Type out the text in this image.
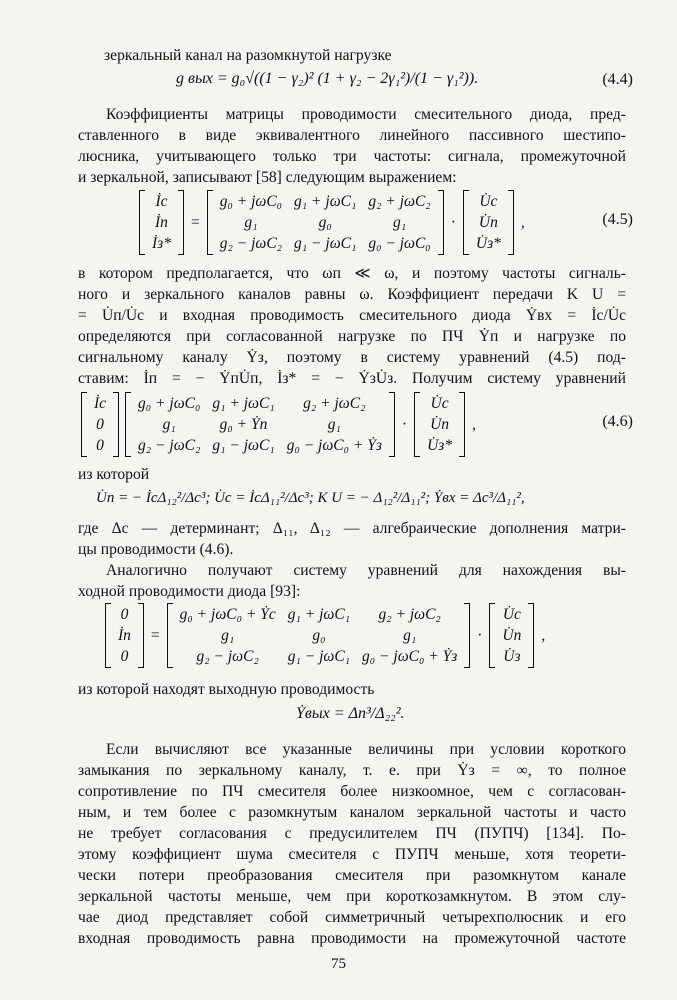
зеркальный канал на разомкнутой нагрузке
g вых = g₀√((1 − γ₂)² (1 + γ₂ − 2γ₁²)/(1 − γ₁²)).	(4.4)
Коэффициенты матрицы проводимости смесительного диода, пред-
ставленного в виде эквивалентного линейного пассивного шестипо-
люсника, учитывающего только три частоты: сигнала, промежуточной
и зеркальной, записывают [58] следующим выражением:
İс
İп
İз*
=
g₀ + jωC₀ g₁ + jωC₁ g₂ + jωC₂
g₁	g₀	g₁
g₂ − jωC₂ g₁ − jωC₁ g₀ − jωC₀
·
U̇с
U̇п
U̇з*
,	(4.5)
в котором предполагается, что ωп ≪ ω, и поэтому частоты сигналь-
ного и зеркального каналов равны ω. Коэффициент передачи K U =
= U̇п/U̇с и входная проводимость смесительного диода Ẏвх = İс/U̇с
определяются при согласованной нагрузке по ПЧ Ẏп и нагрузке по
сигнальному каналу Ẏз, поэтому в систему уравнений (4.5) под-
ставим: İп = − ẎпU̇п, İз* = − ẎзU̇з. Получим систему уравнений
İс
0
0
g₀ + jωC₀ g₁ + jωC₁	g₂ + jωC₂
g₁	g₀ + Ẏп	g₁
g₂ − jωC₂ g₁ − jωC₁ g₀ − jωC₀ + Ẏз
·
U̇с
U̇п
U̇з*
,	(4.6)
из которой
U̇п = − İсΔ₁₂²/Δс³; U̇с = İсΔ₁₁²/Δс³; K U = − Δ₁₂²/Δ₁₁²; Ẏвх = Δс³/Δ₁₁²,
где Δс — детерминант; Δ₁₁, Δ₁₂ — алгебраические дополнения матри-
цы проводимости (4.6).
Аналогично получают систему уравнений для нахождения вы-
ходной проводимости диода [93]:
0
İп
0
=
g₀ + jωC₀ + Ẏс g₁ + jωC₁	g₂ + jωC₂
g₁	g₀	g₁
g₂ − jωC₂	g₁ − jωC₁ g₀ − jωC₀ + Ẏз
·
U̇с
U̇п
U̇з
,
из которой находят выходную проводимость
Ẏвых = Δп³/Δ₂₂².
Если вычисляют все указанные величины при условии короткого
замыкания по зеркальному каналу, т. е. при Ẏз = ∞, то полное
сопротивление по ПЧ смесителя более низкоомное, чем с согласован-
ным, и тем более с разомкнутым каналом зеркальной частоты и часто
не требует согласования с предусилителем ПЧ (ПУПЧ) [134]. По-
этому коэффициент шума смесителя с ПУПЧ меньше, хотя теорети-
чески потери преобразования смесителя при разомкнутом канале
зеркальной частоты меньше, чем при короткозамкнутом. В этом слу-
чае диод представляет собой симметричный четырехполюсник и его
входная проводимость равна проводимости на промежуточной частоте
75
